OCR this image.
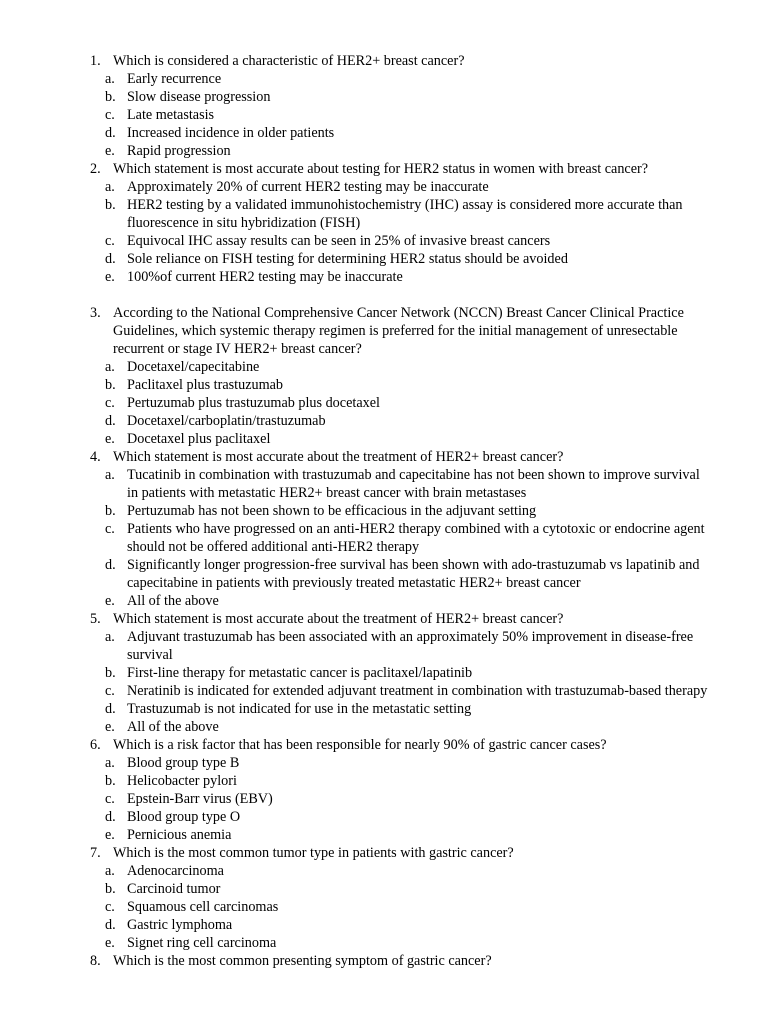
1. Which is considered a characteristic of HER2+ breast cancer?
a. Early recurrence
b. Slow disease progression
c. Late metastasis
d. Increased incidence in older patients
e. Rapid progression
2. Which statement is most accurate about testing for HER2 status in women with breast cancer?
a. Approximately 20% of current HER2 testing may be inaccurate
b. HER2 testing by a validated immunohistochemistry (IHC) assay is considered more accurate than fluorescence in situ hybridization (FISH)
c. Equivocal IHC assay results can be seen in 25% of invasive breast cancers
d. Sole reliance on FISH testing for determining HER2 status should be avoided
e. 100%of current HER2 testing may be inaccurate
3. According to the National Comprehensive Cancer Network (NCCN) Breast Cancer Clinical Practice Guidelines, which systemic therapy regimen is preferred for the initial management of unresectable recurrent or stage IV HER2+ breast cancer?
a. Docetaxel/capecitabine
b. Paclitaxel plus trastuzumab
c. Pertuzumab plus trastuzumab plus docetaxel
d. Docetaxel/carboplatin/trastuzumab
e. Docetaxel plus paclitaxel
4. Which statement is most accurate about the treatment of HER2+ breast cancer?
a. Tucatinib in combination with trastuzumab and capecitabine has not been shown to improve survival in patients with metastatic HER2+ breast cancer with brain metastases
b. Pertuzumab has not been shown to be efficacious in the adjuvant setting
c. Patients who have progressed on an anti-HER2 therapy combined with a cytotoxic or endocrine agent should not be offered additional anti-HER2 therapy
d. Significantly longer progression-free survival has been shown with ado-trastuzumab vs lapatinib and capecitabine in patients with previously treated metastatic HER2+ breast cancer
e. All of the above
5. Which statement is most accurate about the treatment of HER2+ breast cancer?
a. Adjuvant trastuzumab has been associated with an approximately 50% improvement in disease-free survival
b. First-line therapy for metastatic cancer is paclitaxel/lapatinib
c. Neratinib is indicated for extended adjuvant treatment in combination with trastuzumab-based therapy
d. Trastuzumab is not indicated for use in the metastatic setting
e. All of the above
6. Which is a risk factor that has been responsible for nearly 90% of gastric cancer cases?
a. Blood group type B
b. Helicobacter pylori
c. Epstein-Barr virus (EBV)
d. Blood group type O
e. Pernicious anemia
7. Which is the most common tumor type in patients with gastric cancer?
a. Adenocarcinoma
b. Carcinoid tumor
c. Squamous cell carcinomas
d. Gastric lymphoma
e. Signet ring cell carcinoma
8. Which is the most common presenting symptom of gastric cancer?
